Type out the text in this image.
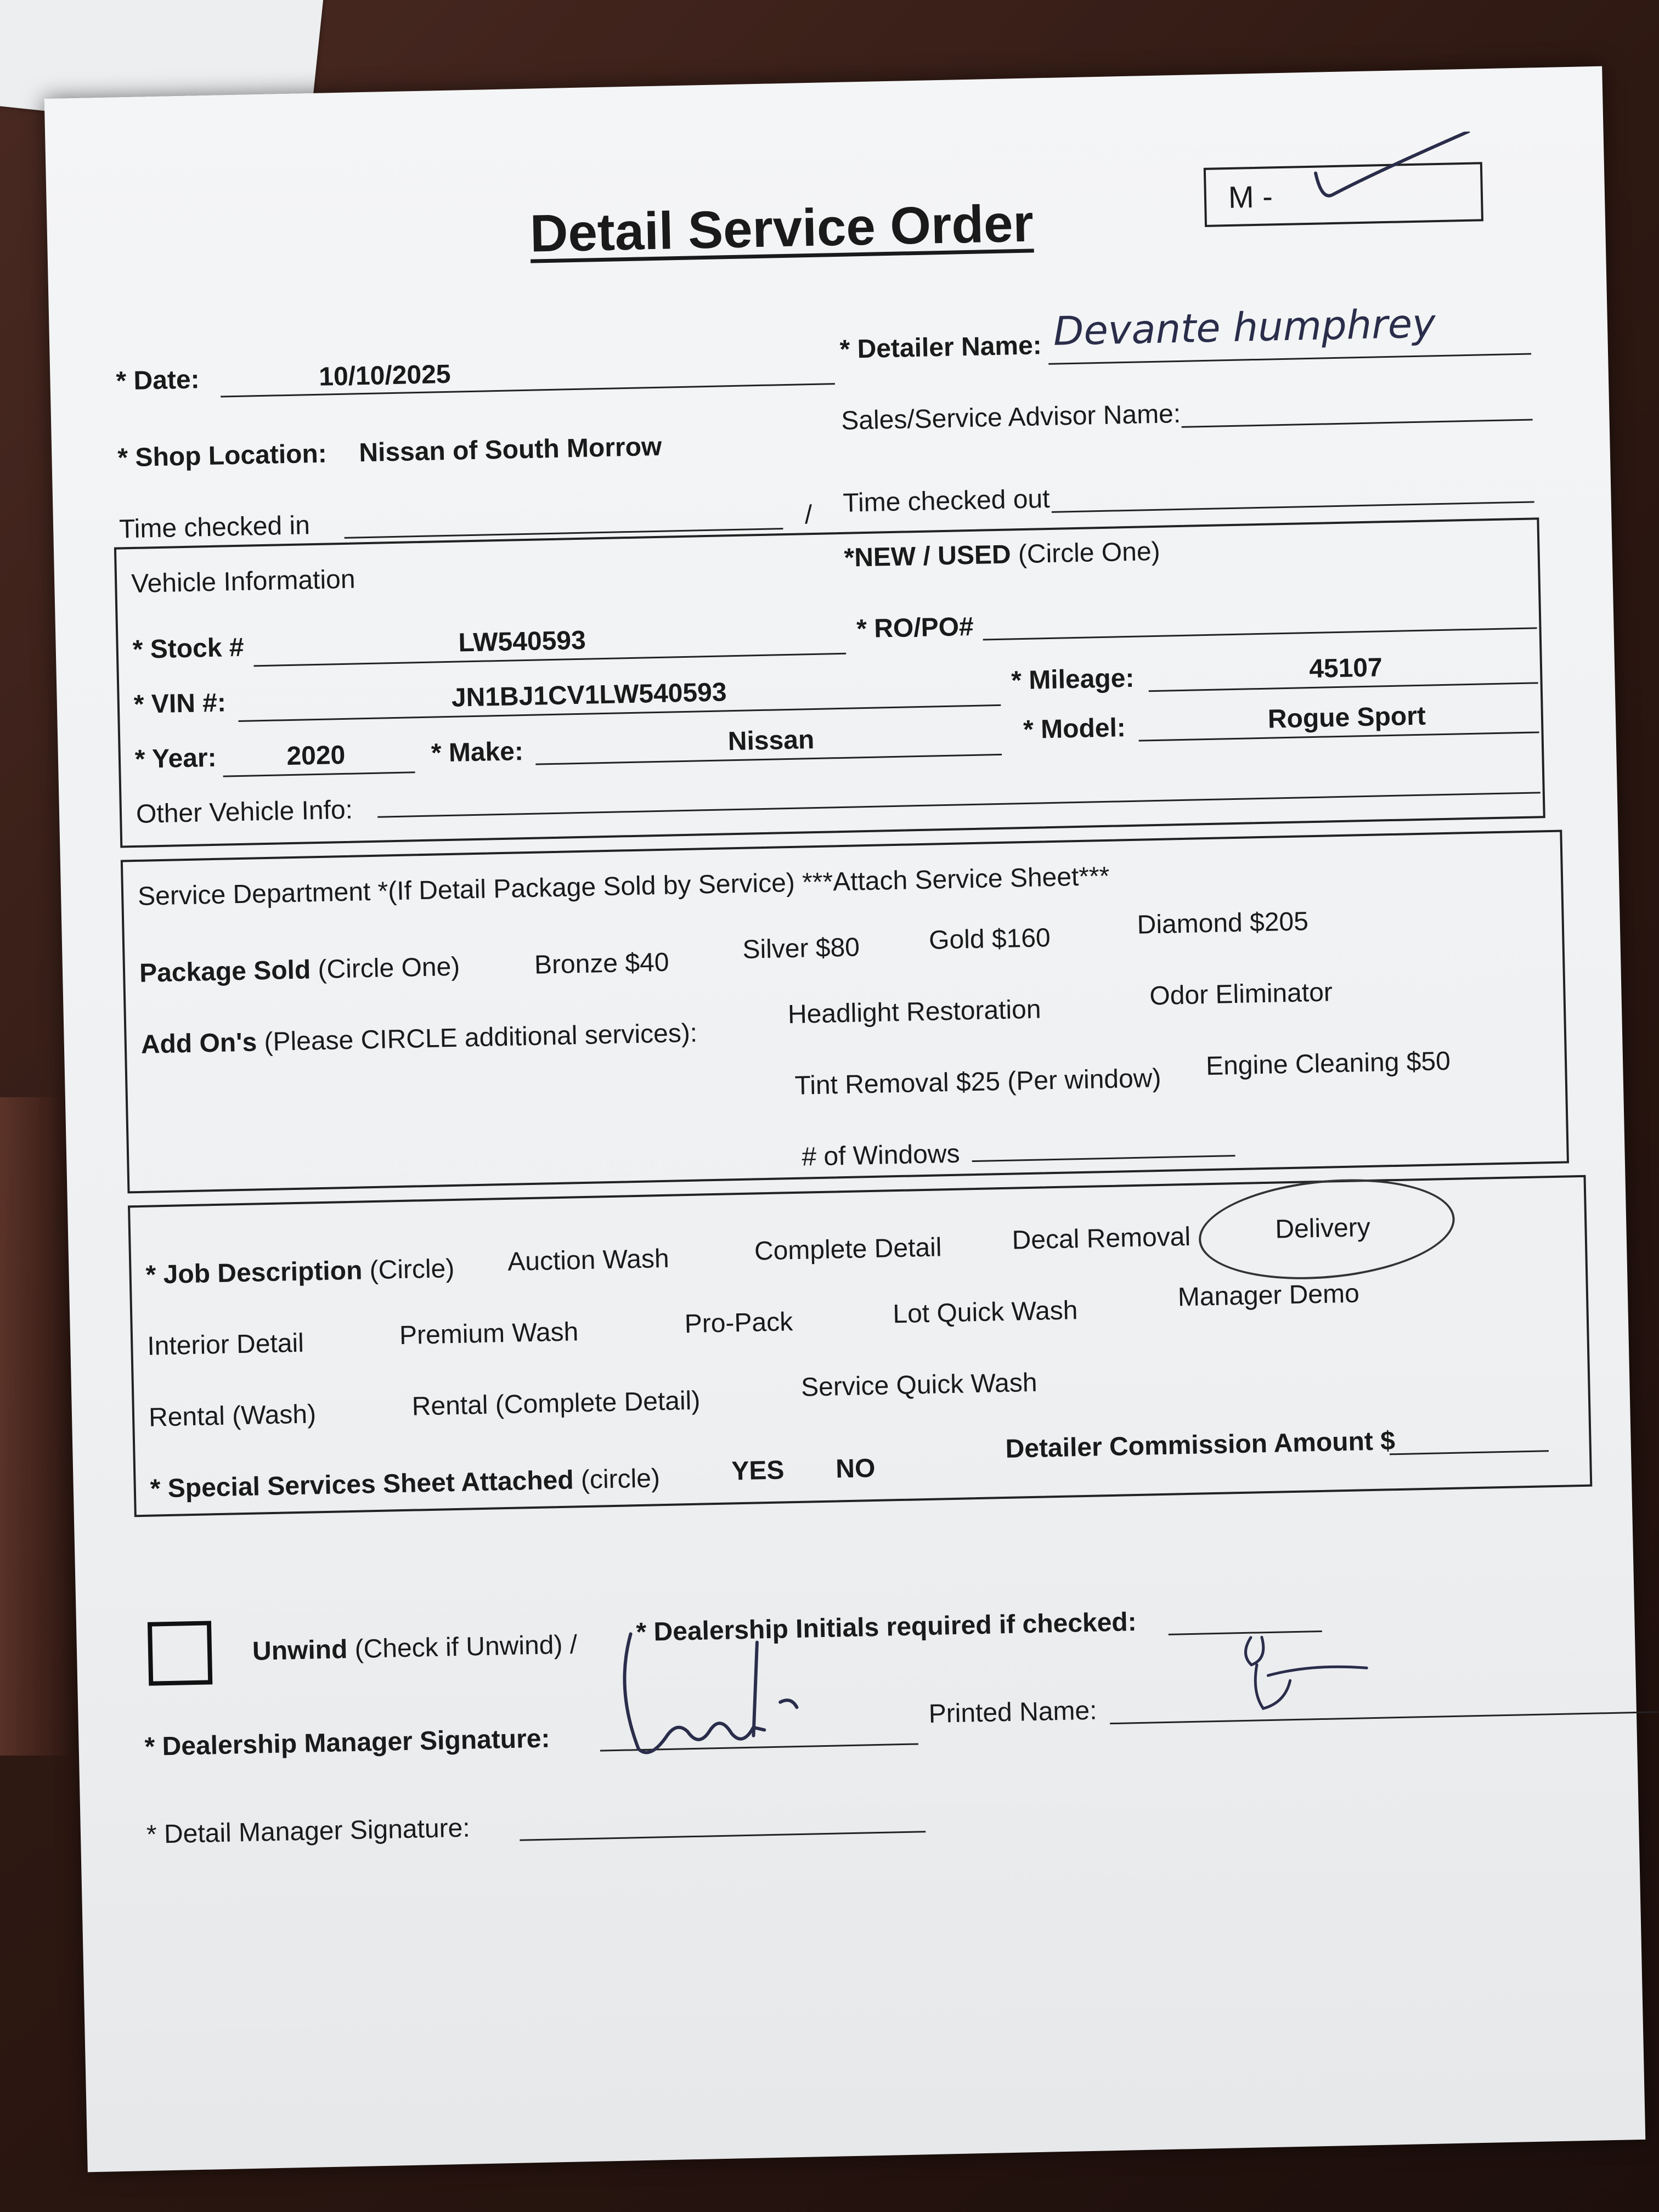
Detail Service Order	M -
* Date:	10/10/2025
* Detailer Name: Devante humphrey
* Shop Location: Nissan of South Morrow
Sales/Service Advisor Name:
Time checked in	/ Time checked out
Vehicle Information
*NEW / USED (Circle One)
* Stock #	LW540593	* RO/PO#
* VIN #:	JN1BJ1CV1LW540593	* Mileage:	45107
* Year:	2020	* Make:	Nissan	* Model:	Rogue Sport
Other Vehicle Info:
Service Department *(If Detail Package Sold by Service) ***Attach Service Sheet***
Package Sold (Circle One)	Bronze $40	Silver $80	Gold $160	Diamond $205
Add On's (Please CIRCLE additional services):
Headlight Restoration
Odor Eliminator
Tint Removal $25 (Per window) Engine Cleaning $50
# of Windows
* Job Description (Circle) Auction Wash	Complete Detail	Decal Removal	Delivery
Interior Detail	Premium Wash	Pro-Pack	Lot Quick Wash
Manager Demo
Rental (Wash)	Rental (Complete Detail)
Service Quick Wash
* Special Services Sheet Attached (circle)	YES NO
Detailer Commission Amount $
Unwind (Check if Unwind) /
* Dealership Initials required if checked:
* Dealership Manager Signature:
Printed Name:
* Detail Manager Signature:
